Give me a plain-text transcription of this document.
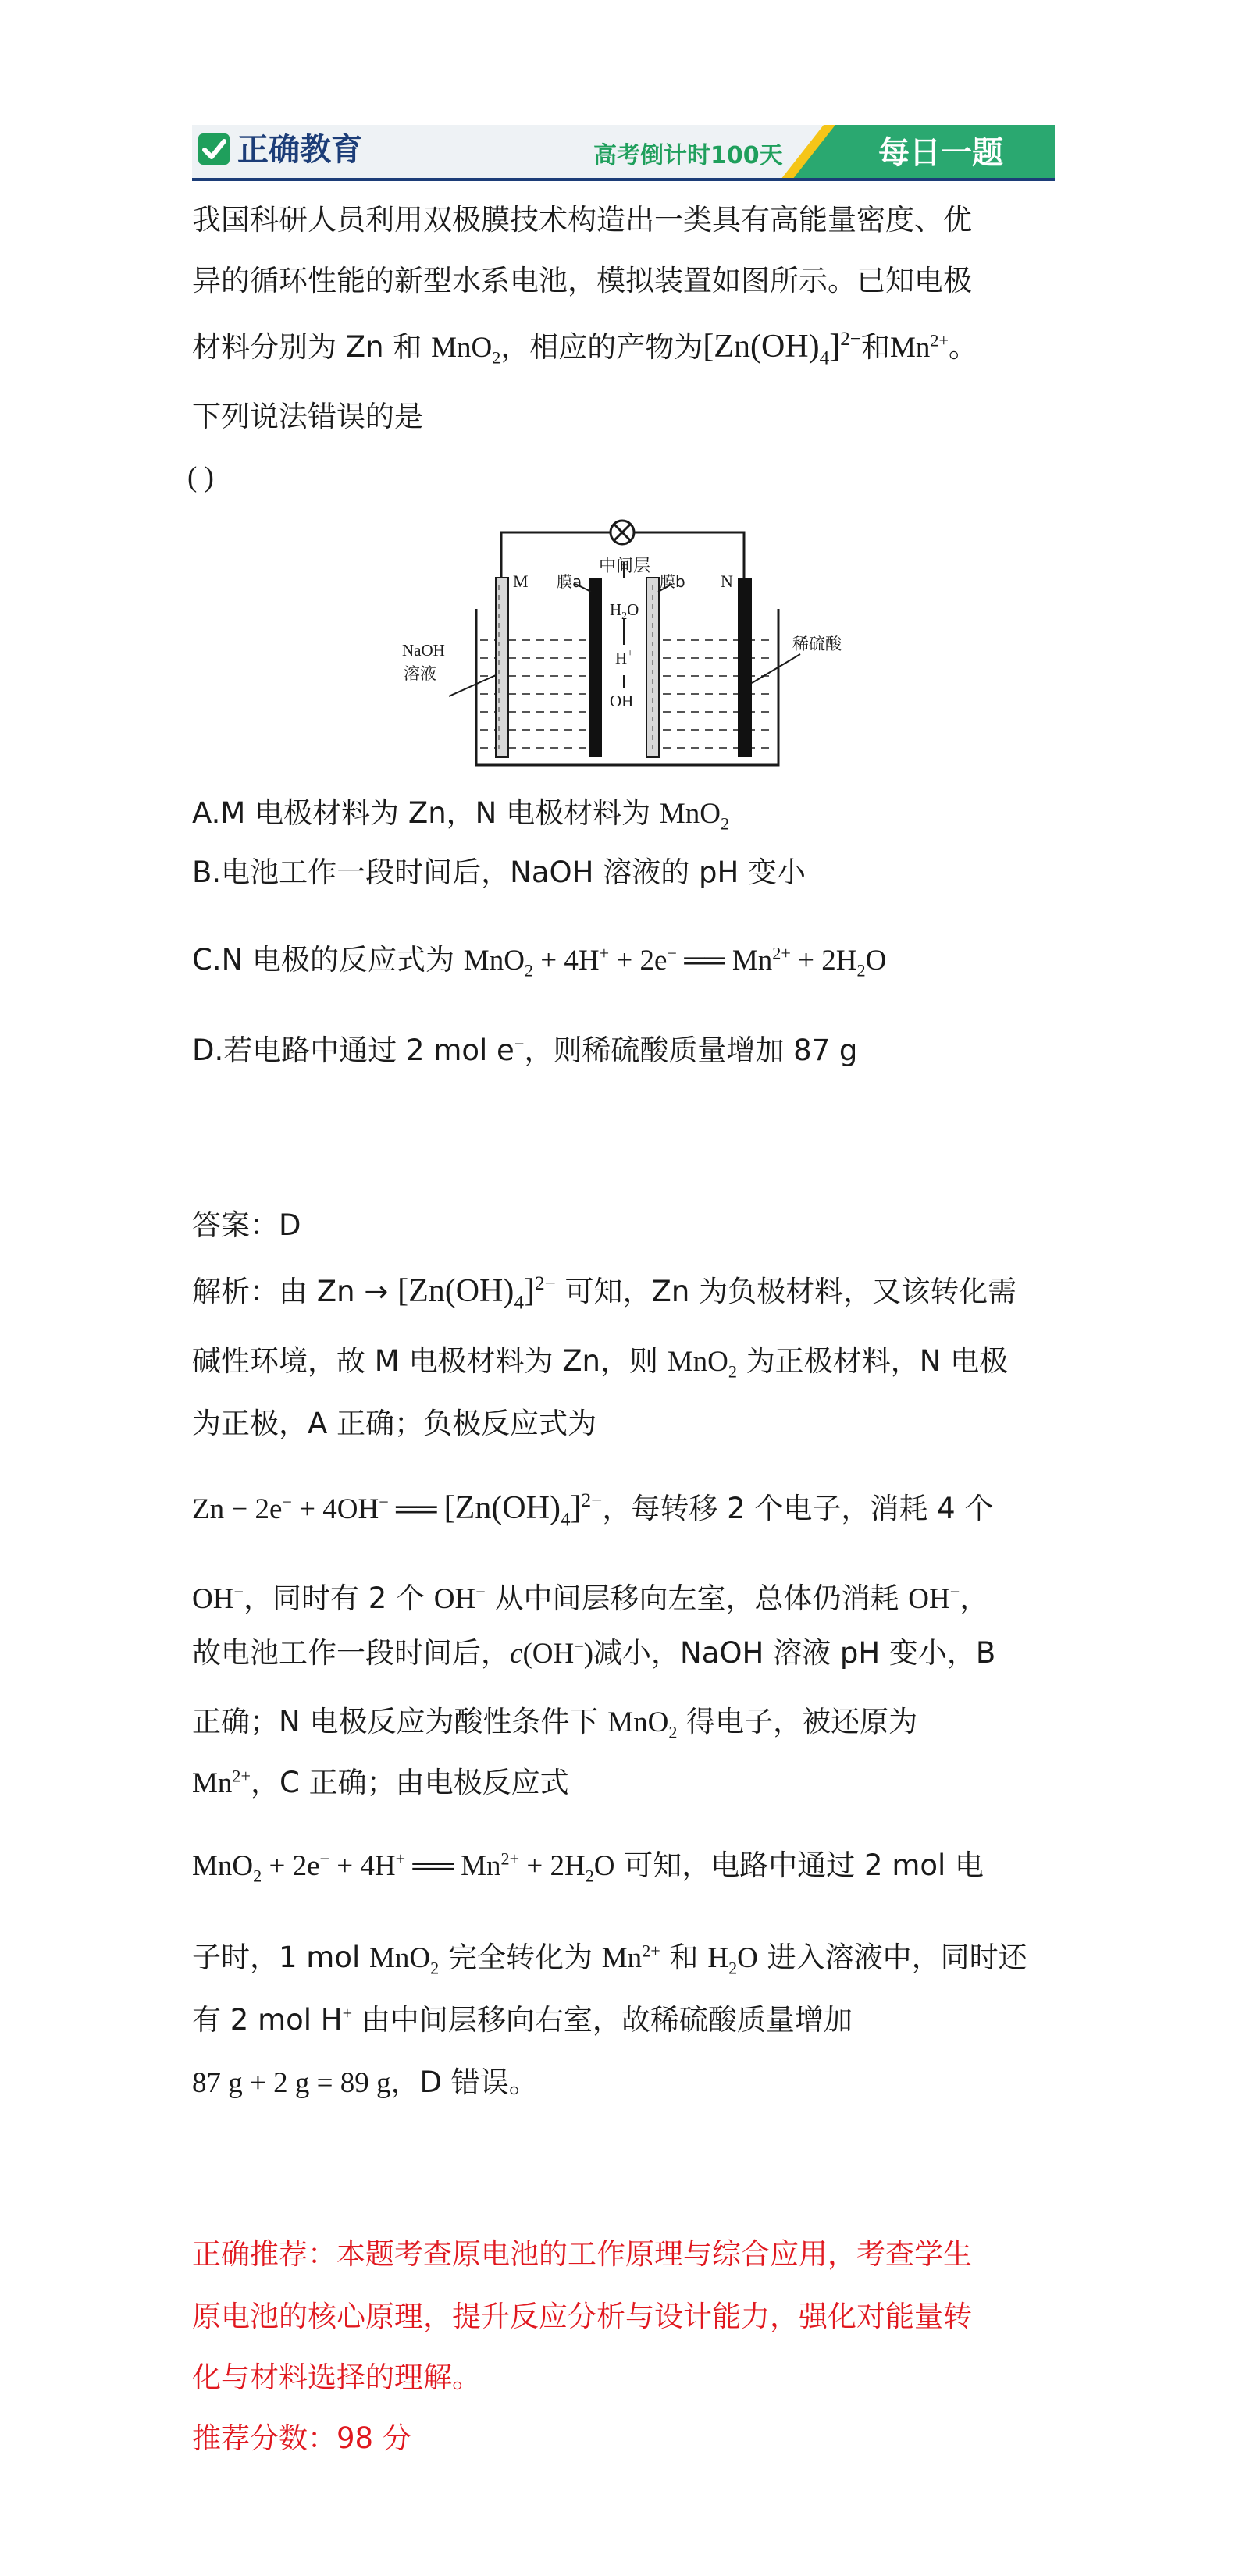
正确教育	高考倒计时100天	每日一题
我国科研人员利用双极膜技术构造出一类具有高能量密度、优
异的循环性能的新型水系电池，模拟装置如图所示。已知电极
材料分别为 Zn 和 MnO$_2$，相应的产物为$[Zn(OH)_4]^{2-}$和$Mn^{2+}$。
下列说法错误的是
( )
M	N
中间层
膜a	膜b
$H_2O$
H+
OH−
NaOH
溶液
稀硫酸
A.M 电极材料为 Zn，N 电极材料为 MnO$_2$
B.电池工作一段时间后，NaOH 溶液的 pH 变小
C.N 电极的反应式为 MnO$_2$ + 4H+ + 2e− ══ $Mn^{2+} + 2H_2O$
D.若电路中通过 2 mol e−，则稀硫酸质量增加 87 g
答案：D
解析：由 $Zn \to [Zn(OH)_4]^{2-}$ 可知，Zn 为负极材料，又该转化需
碱性环境，故 M 电极材料为 Zn，则 MnO$_2$ 为正极材料，N 电极
为正极，A 正确；负极反应式为
Zn − 2e− + 4OH− ══ $[Zn(OH)_4]^{2-}$，每转移 2 个电子，消耗 4 个
OH−，同时有 2 个 OH− 从中间层移向左室，总体仍消耗 OH−，
故电池工作一段时间后，c(OH−)减小，NaOH 溶液 pH 变小，B
正确；N 电极反应为酸性条件下 MnO$_2$ 得电子，被还原为
$Mn^{2+}$，C 正确；由电极反应式
MnO$_2$ + 2e− + 4H+ ══ $Mn^{2+} + 2H_2O$ 可知，电路中通过 2 mol 电
子时，1 mol MnO$_2$ 完全转化为 $Mn^{2+}$ 和 $H_2O$ 进入溶液中，同时还
有 2 mol H+ 由中间层移向右室，故稀硫酸质量增加
87 g + 2 g = 89 g，D 错误。
正确推荐：本题考查原电池的工作原理与综合应用，考查学生
原电池的核心原理，提升反应分析与设计能力，强化对能量转
化与材料选择的理解。
推荐分数：98 分
